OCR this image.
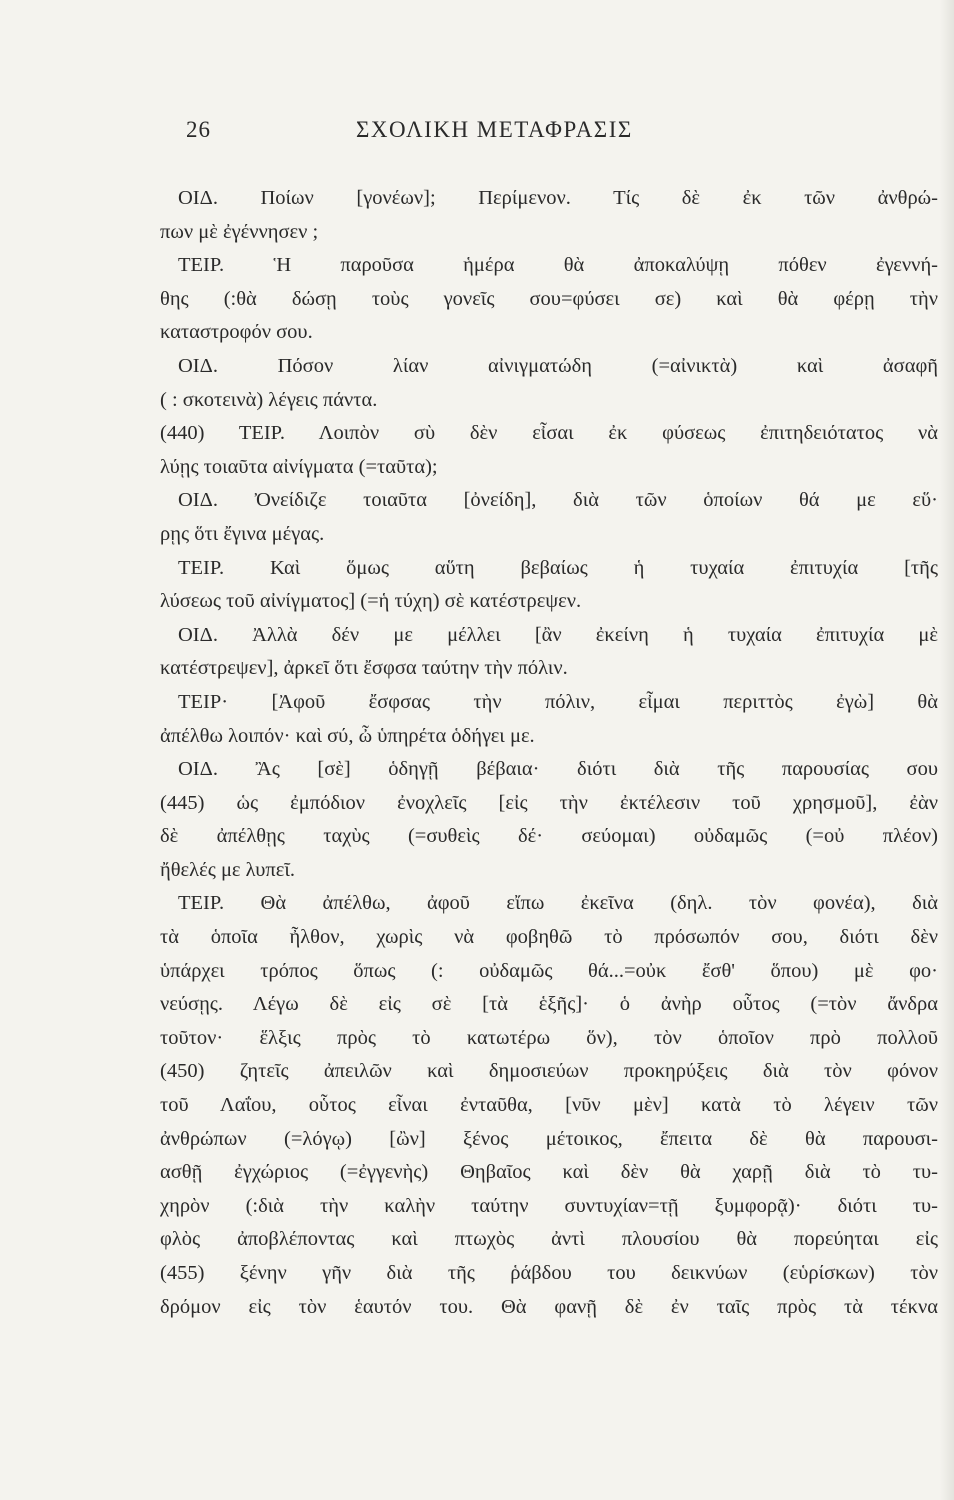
26	ΣΧΟΛΙΚΗ ΜΕΤΑΦΡΑΣΙΣ
ΟΙΔ. Ποίων [γονέων]; Περίμενον. Τίς δὲ ἐκ τῶν ἀνθρώ-
πων μὲ ἐγέννησεν ;
ΤΕΙΡ. Ἡ παροῦσα ἡμέρα θὰ ἀποκαλύψῃ πόθεν ἐγεννή-
θης (:θὰ δώσῃ τοὺς γονεῖς σου=φύσει σε) καὶ θὰ φέρῃ τὴν
καταστροφόν σου.
ΟΙΔ. Πόσον λίαν αἰνιγματώδη (=αἰνικτὰ) καὶ ἀσαφῆ
( : σκοτεινὰ) λέγεις πάντα.
(440) ΤΕΙΡ. Λοιπὸν σὺ δὲν εἶσαι ἐκ φύσεως ἐπιτηδειότατος νὰ
λύῃς τοιαῦτα αἰνίγματα (=ταῦτα);
ΟΙΔ. Ὀνείδιζε τοιαῦτα [ὀνείδη], διὰ τῶν ὁποίων θά με εὕ·
ρῃς ὅτι ἔγινα μέγας.
ΤΕΙΡ. Καὶ ὅμως αὕτη βεβαίως ἡ τυχαία ἐπιτυχία [τῆς
λύσεως τοῦ αἰνίγματος] (=ἡ τύχη) σὲ κατέστρεψεν.
ΟΙΔ. Ἀλλὰ δέν με μέλλει [ἂν ἐκείνη ἡ τυχαία ἐπιτυχία μὲ
κατέστρεψεν], ἀρκεῖ ὅτι ἔσφσα ταύτην τὴν πόλιν.
ΤΕΙΡ· [Ἀφοῦ ἔσφσας τὴν πόλιν, εἶμαι περιττὸς ἐγὼ] θὰ
ἀπέλθω λοιπόν· καὶ σύ, ὦ ὑπηρέτα ὁδήγει με.
ΟΙΔ. Ἂς [σὲ] ὁδηγῇ βέβαια· διότι διὰ τῆς παρουσίας σου
(445) ὡς ἐμπόδιον ἐνοχλεῖς [εἰς τὴν ἐκτέλεσιν τοῦ χρησμοῦ], ἐὰν
δὲ ἀπέλθῃς ταχὺς (=συθεὶς δέ· σεύομαι) οὐδαμῶς (=οὐ πλέον)
ἤθελές με λυπεῖ.
ΤΕΙΡ. Θὰ ἀπέλθω, ἀφοῦ εἴπω ἐκεῖνα (δηλ. τὸν φονέα), διὰ
τὰ ὁποῖα ἦλθον, χωρὶς νὰ φοβηθῶ τὸ πρόσωπόν σου, διότι δὲν
ὑπάρχει τρόπος ὅπως (: οὐδαμῶς θά...=οὐκ ἔσθ' ὅπου) μὲ φο·
νεύσῃς. Λέγω δὲ εἰς σὲ [τὰ ἑξῆς]· ὁ ἀνὴρ οὗτος (=τὸν ἄνδρα
τοῦτον· ἕλξις πρὸς τὸ κατωτέρω ὅν), τὸν ὁποῖον πρὸ πολλοῦ
(450) ζητεῖς ἀπειλῶν καὶ δημοσιεύων προκηρύξεις διὰ τὸν φόνον
τοῦ Λαΐου, οὗτος εἶναι ἐνταῦθα, [νῦν μὲν] κατὰ τὸ λέγειν τῶν
ἀνθρώπων (=λόγῳ) [ὢν] ξένος μέτοικος, ἔπειτα δὲ θὰ παρουσι-
ασθῇ ἐγχώριος (=ἐγγενὴς) Θηβαῖος καὶ δὲν θὰ χαρῇ διὰ τὸ τυ-
χηρὸν (:διὰ τὴν καλὴν ταύτην συντυχίαν=τῇ ξυμφορᾷ)· διότι τυ-
φλὸς ἀποβλέποντας καὶ πτωχὸς ἀντὶ πλουσίου θὰ πορεύηται εἰς
(455) ξένην γῆν διὰ τῆς ῥάβδου του δεικνύων (εὑρίσκων) τὸν
δρόμον εἰς τὸν ἑαυτόν του. Θὰ φανῇ δὲ ἐν ταῖς πρὸς τὰ τέκνα
